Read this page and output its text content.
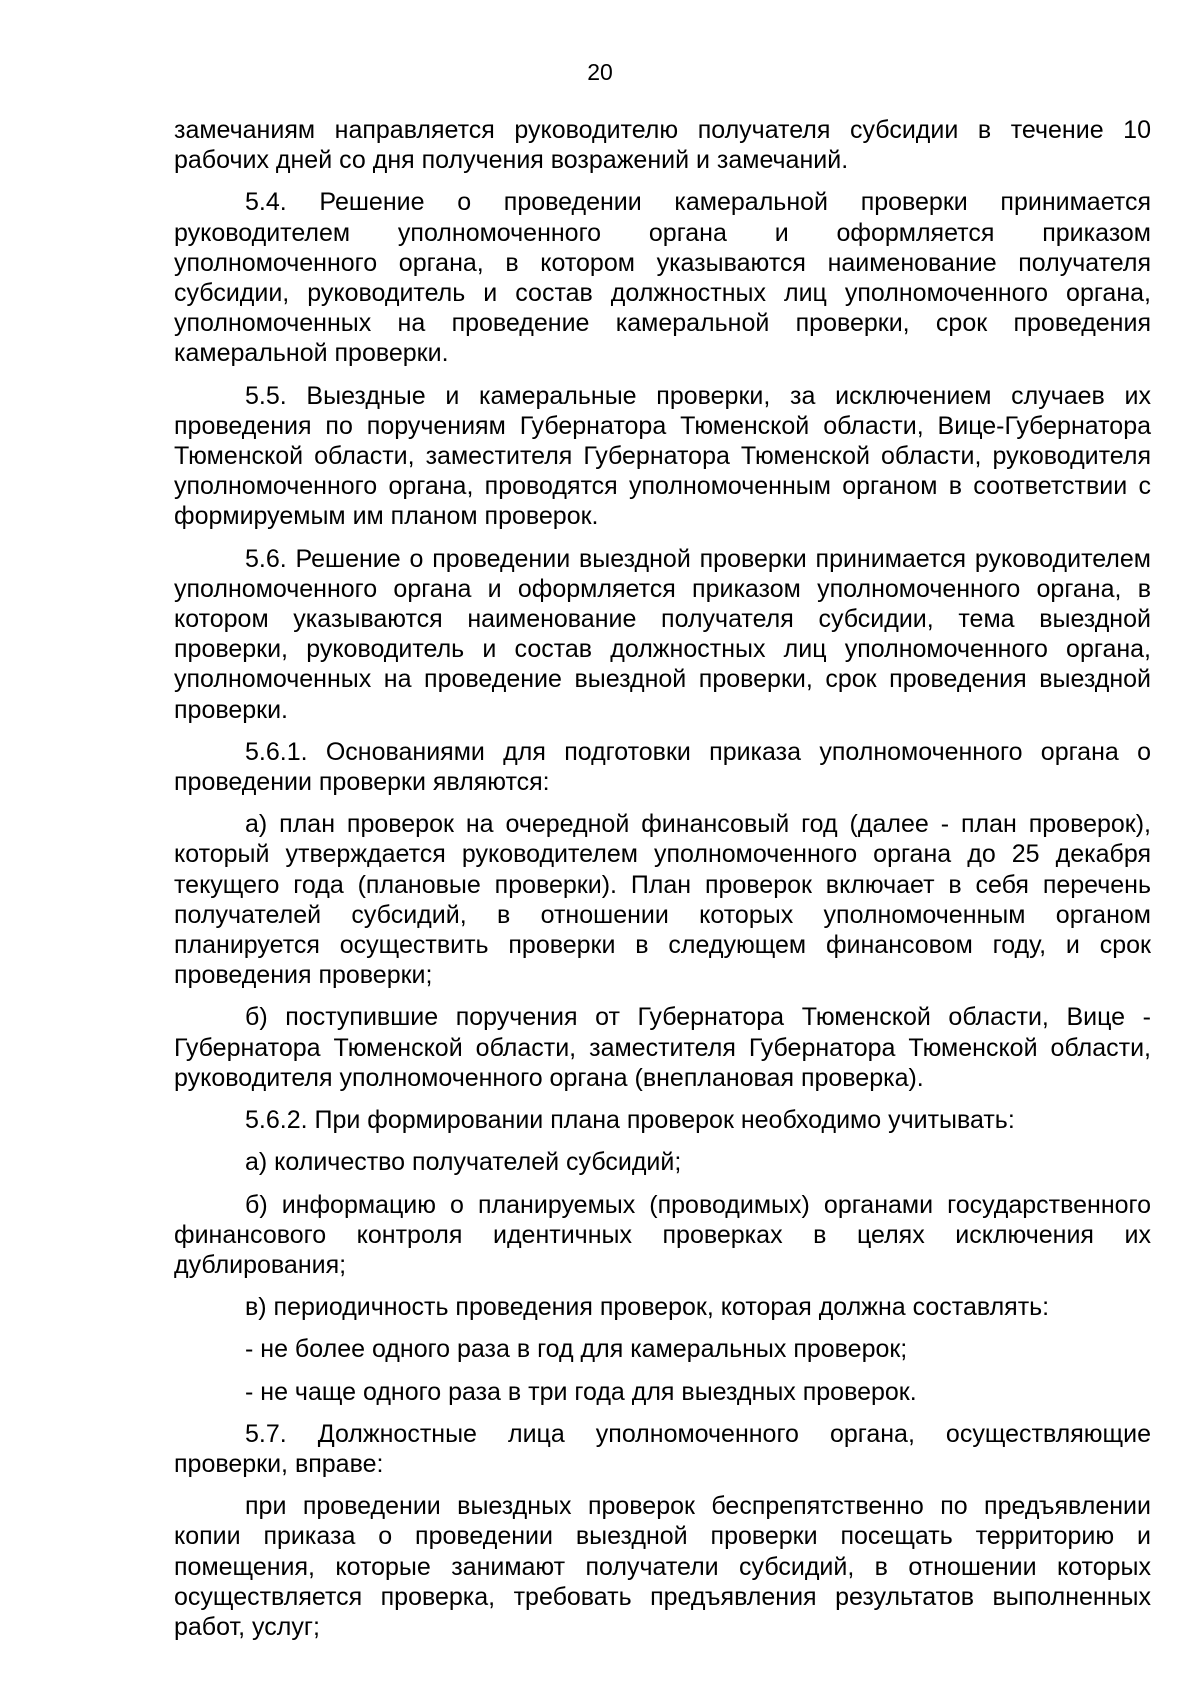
20

замечаниям направляется руководителю получателя субсидии в течение 10 рабочих дней со дня получения возражений и замечаний.

5.4. Решение о проведении камеральной проверки принимается руководителем уполномоченного органа и оформляется приказом уполномоченного органа, в котором указываются наименование получателя субсидии, руководитель и состав должностных лиц уполномоченного органа, уполномоченных на проведение камеральной проверки, срок проведения камеральной проверки.

5.5. Выездные и камеральные проверки, за исключением случаев их проведения по поручениям Губернатора Тюменской области, Вице-Губернатора Тюменской области, заместителя Губернатора Тюменской области, руководителя уполномоченного органа, проводятся уполномоченным органом в соответствии с формируемым им планом проверок.

5.6. Решение о проведении выездной проверки принимается руководителем уполномоченного органа и оформляется приказом уполномоченного органа, в котором указываются наименование получателя субсидии, тема выездной проверки, руководитель и состав должностных лиц уполномоченного органа, уполномоченных на проведение выездной проверки, срок проведения выездной проверки.

5.6.1. Основаниями для подготовки приказа уполномоченного органа о проведении проверки являются:

а) план проверок на очередной финансовый год (далее - план проверок), который утверждается руководителем уполномоченного органа до 25 декабря текущего года (плановые проверки). План проверок включает в себя перечень получателей субсидий, в отношении которых уполномоченным органом планируется осуществить проверки в следующем финансовом году, и срок проведения проверки;

б) поступившие поручения от Губернатора Тюменской области, Вице - Губернатора Тюменской области, заместителя Губернатора Тюменской области, руководителя уполномоченного органа (внеплановая проверка).

5.6.2. При формировании плана проверок необходимо учитывать:

а) количество получателей субсидий;

б) информацию о планируемых (проводимых) органами государственного финансового контроля идентичных проверках в целях исключения их дублирования;

в) периодичность проведения проверок, которая должна составлять:

- не более одного раза в год для камеральных проверок;

- не чаще одного раза в три года для выездных проверок.

5.7. Должностные лица уполномоченного органа, осуществляющие проверки, вправе:

при проведении выездных проверок беспрепятственно по предъявлении копии приказа о проведении выездной проверки посещать территорию и помещения, которые занимают получатели субсидий, в отношении которых осуществляется проверка, требовать предъявления результатов выполненных работ, услуг;
